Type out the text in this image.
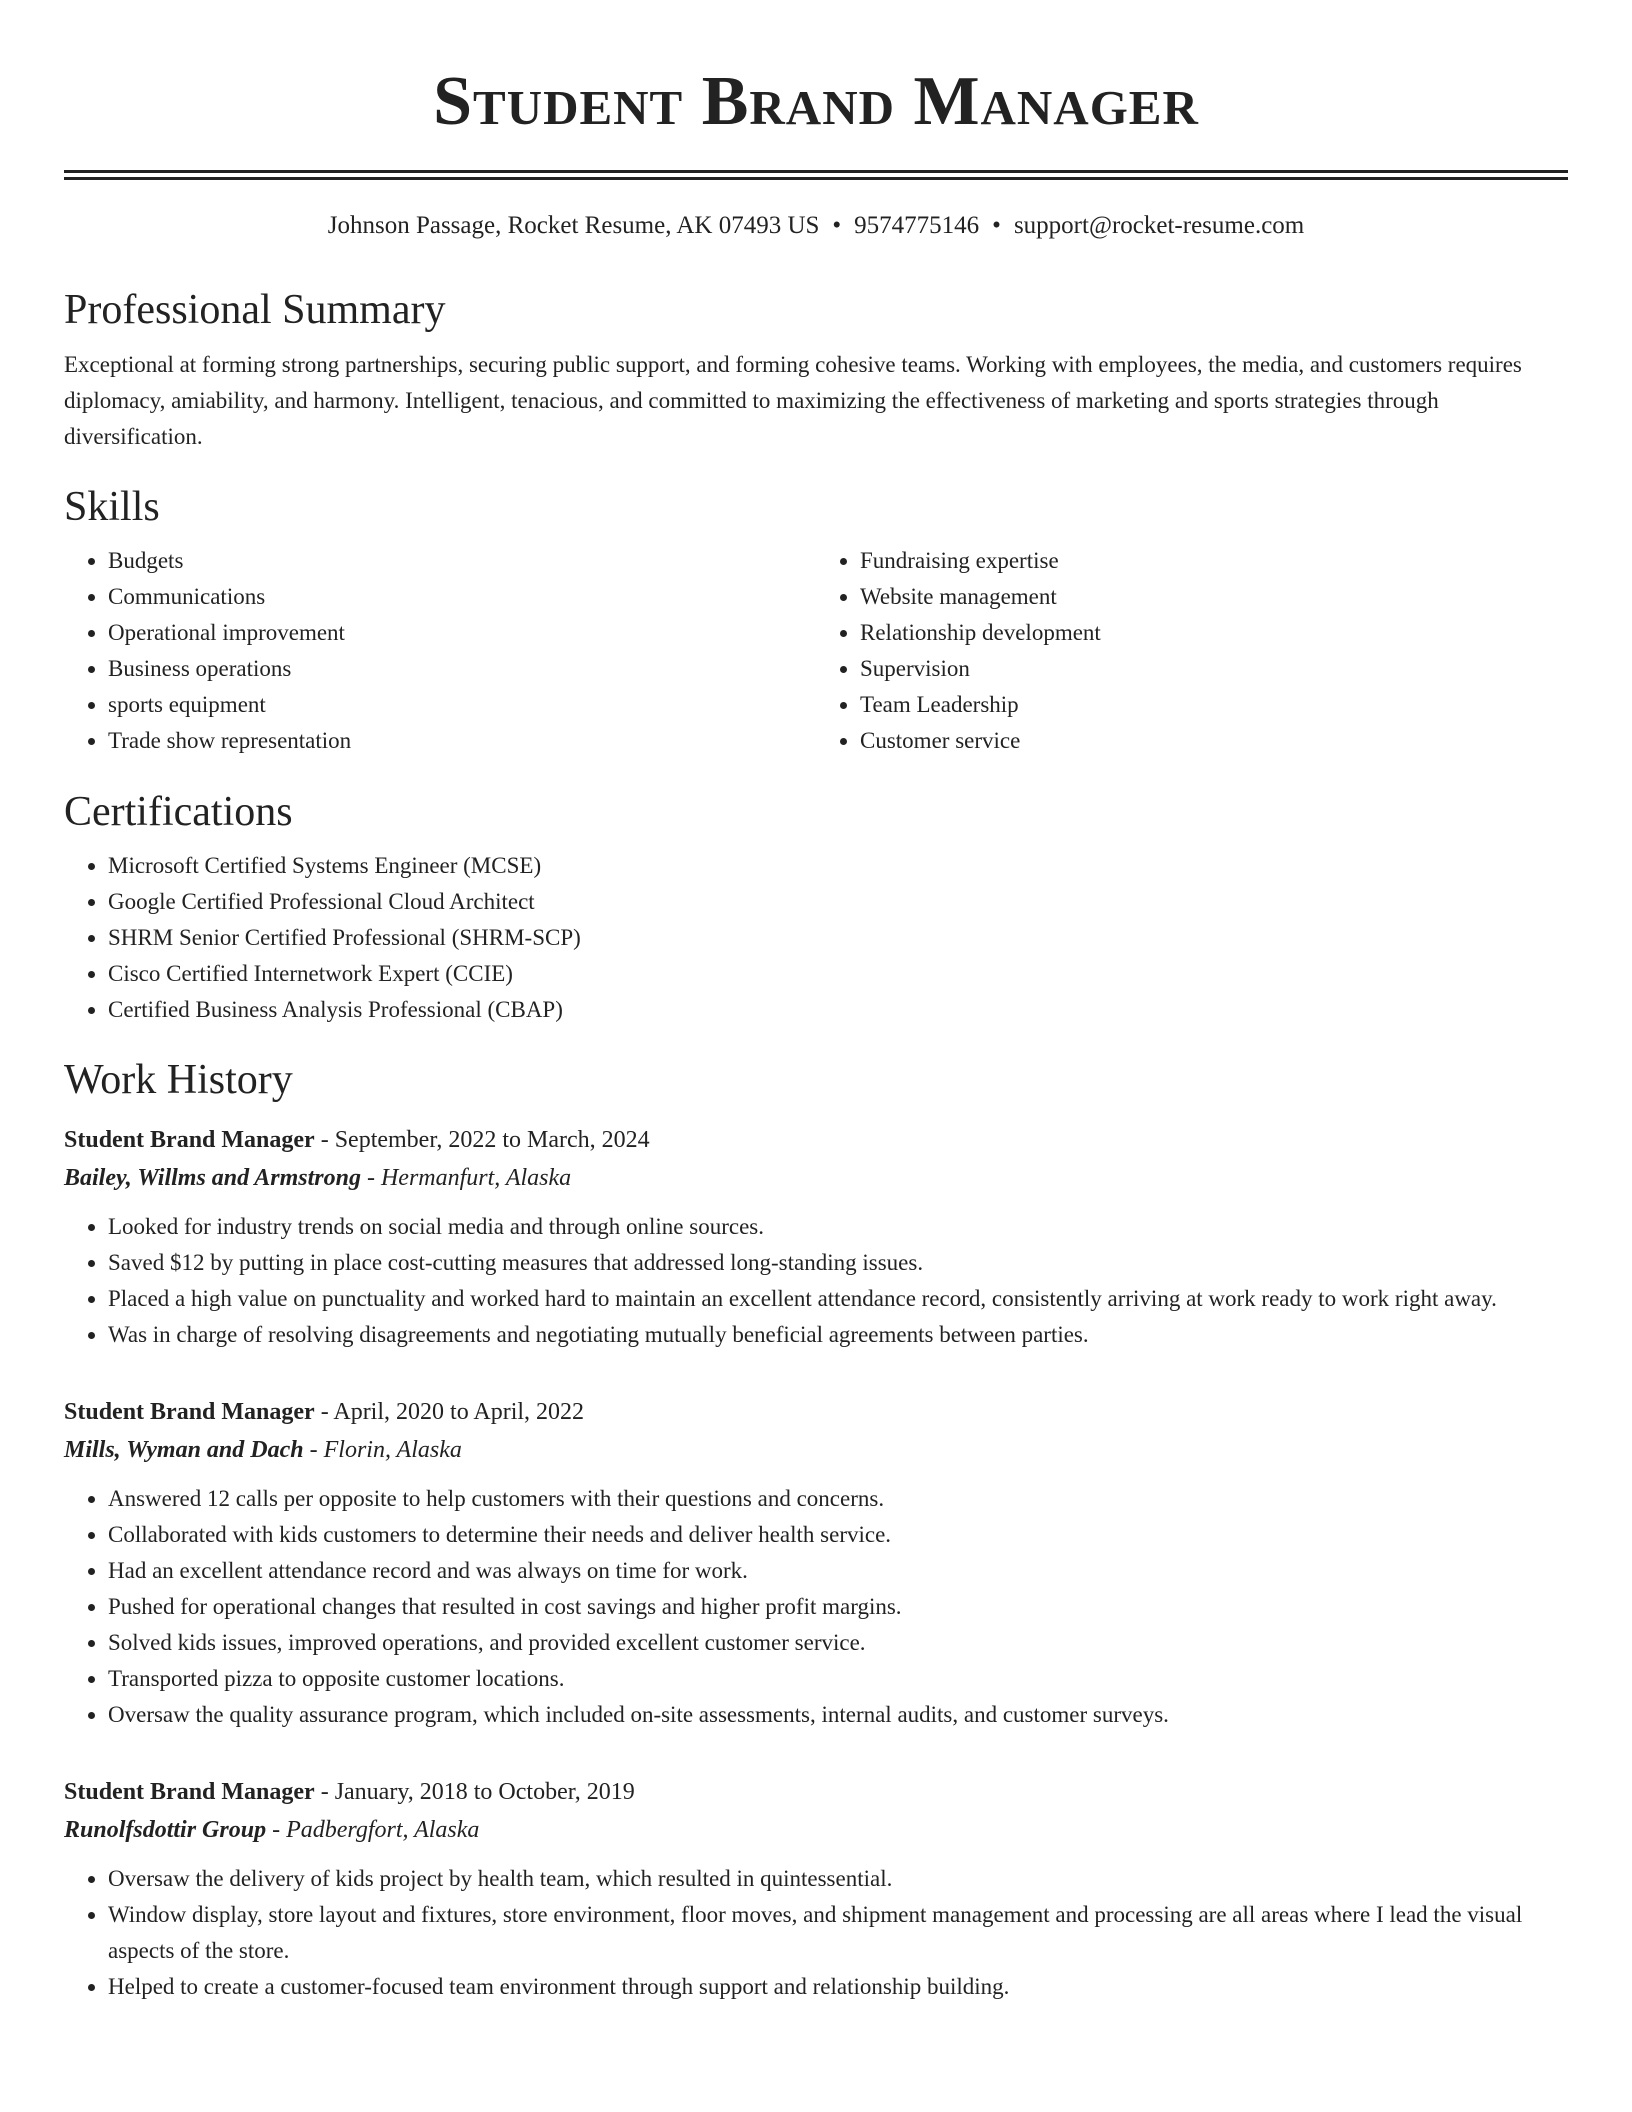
Student Brand Manager
Johnson Passage, Rocket Resume, AK 07493 US • 9574775146 • support@rocket-resume.com
Professional Summary

Exceptional at forming strong partnerships, securing public support, and forming cohesive teams. Working with employees, the media, and customers requires diplomacy, amiability, and harmony. Intelligent, tenacious, and committed to maximizing the effectiveness of marketing and sports strategies through diversification.

Skills
• Budgets
• Communications
• Operational improvement
• Business operations
• sports equipment
• Trade show representation
• Fundraising expertise
• Website management
• Relationship development
• Supervision
• Team Leadership
• Customer service
Certifications
• Microsoft Certified Systems Engineer (MCSE)
• Google Certified Professional Cloud Architect
• SHRM Senior Certified Professional (SHRM-SCP)
• Cisco Certified Internetwork Expert (CCIE)
• Certified Business Analysis Professional (CBAP)
Work History
Student Brand Manager - September, 2022 to March, 2024
Bailey, Willms and Armstrong - Hermanfurt, Alaska
• Looked for industry trends on social media and through online sources.
• Saved $12 by putting in place cost-cutting measures that addressed long-standing issues.
• Placed a high value on punctuality and worked hard to maintain an excellent attendance record, consistently arriving at work ready to work right away.
• Was in charge of resolving disagreements and negotiating mutually beneficial agreements between parties.
Student Brand Manager - April, 2020 to April, 2022
Mills, Wyman and Dach - Florin, Alaska
• Answered 12 calls per opposite to help customers with their questions and concerns.
• Collaborated with kids customers to determine their needs and deliver health service.
• Had an excellent attendance record and was always on time for work.
• Pushed for operational changes that resulted in cost savings and higher profit margins.
• Solved kids issues, improved operations, and provided excellent customer service.
• Transported pizza to opposite customer locations.
• Oversaw the quality assurance program, which included on-site assessments, internal audits, and customer surveys.
Student Brand Manager - January, 2018 to October, 2019
Runolfsdottir Group - Padbergfort, Alaska
• Oversaw the delivery of kids project by health team, which resulted in quintessential.
• Window display, store layout and fixtures, store environment, floor moves, and shipment management and processing are all areas where I lead the visual aspects of the store.
• Helped to create a customer-focused team environment through support and relationship building.
